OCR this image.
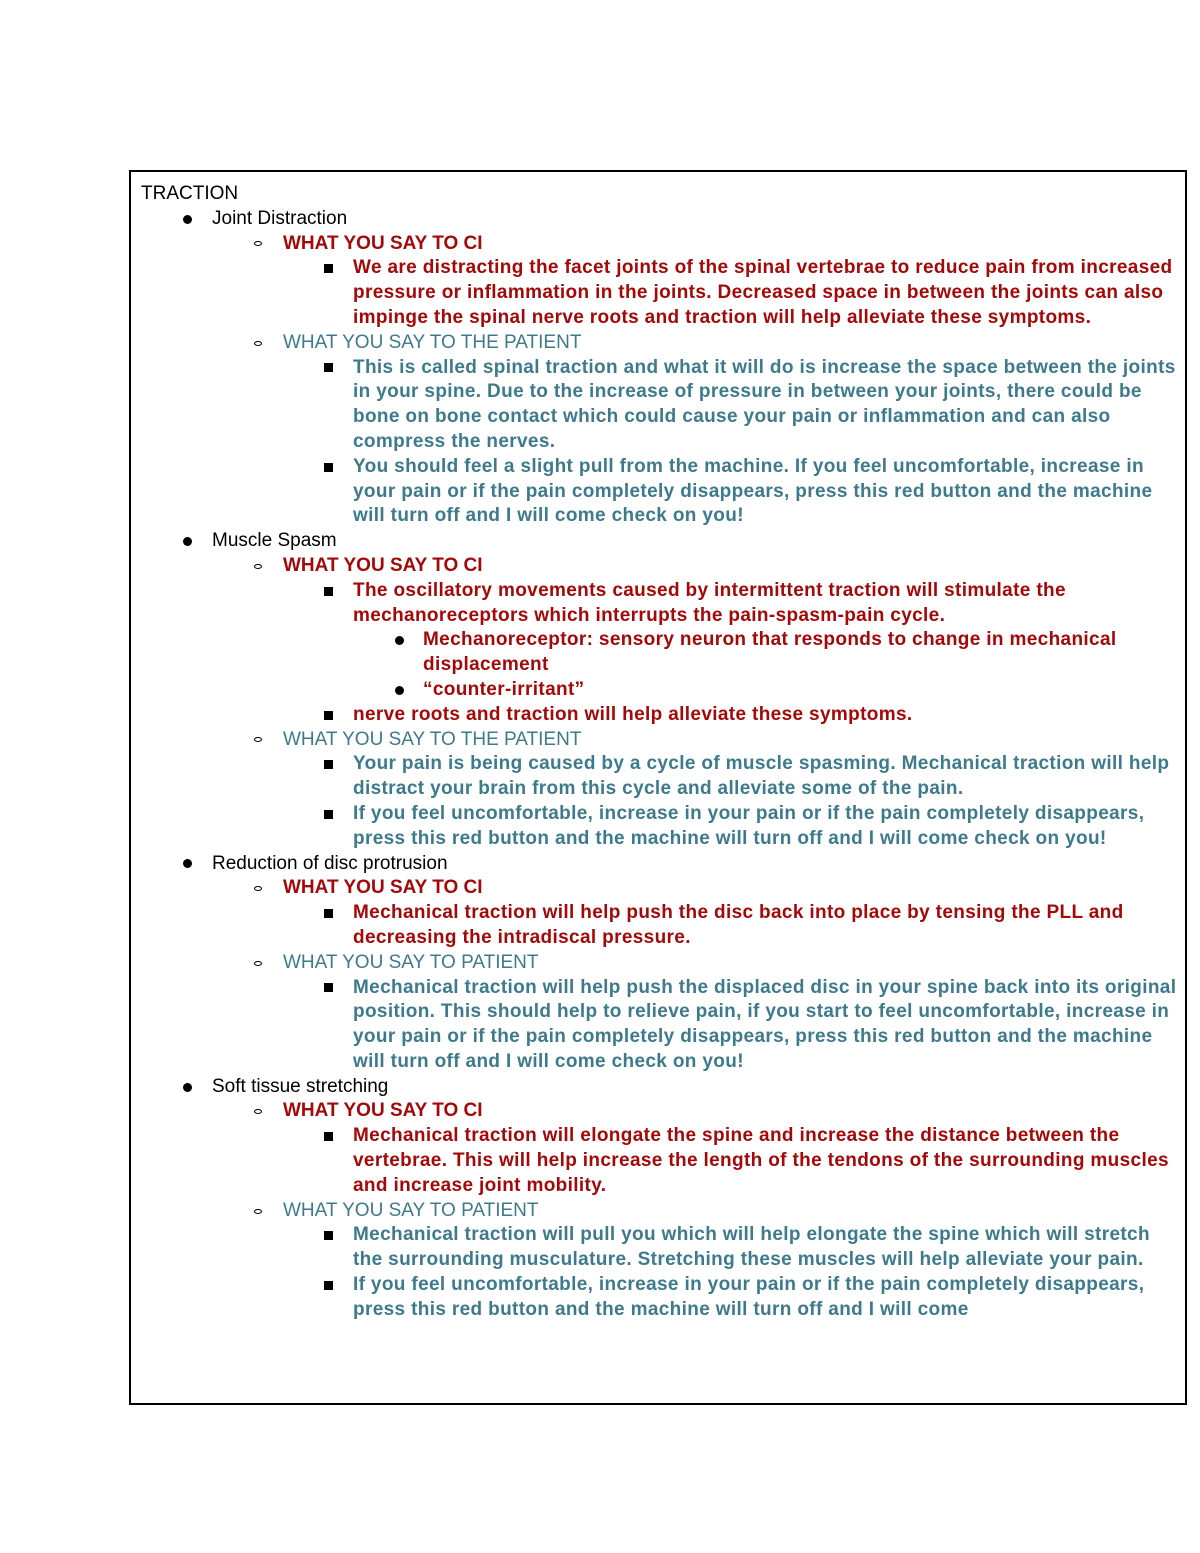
TRACTION
Joint Distraction
WHAT YOU SAY TO CI
We are distracting the facet joints of the spinal vertebrae to reduce pain from increased pressure or inflammation in the joints. Decreased space in between the joints can also impinge the spinal nerve roots and traction will help alleviate these symptoms.
WHAT YOU SAY TO THE PATIENT
This is called spinal traction and what it will do is increase the space between the joints in your spine. Due to the increase of pressure in between your joints, there could be bone on bone contact which could cause your pain or inflammation and can also compress the nerves.
You should feel a slight pull from the machine. If you feel uncomfortable, increase in your pain or if the pain completely disappears, press this red button and the machine will turn off and I will come check on you!
Muscle Spasm
WHAT YOU SAY TO CI
The oscillatory movements caused by intermittent traction will stimulate the mechanoreceptors which interrupts the pain-spasm-pain cycle.
Mechanoreceptor: sensory neuron that responds to change in mechanical displacement
“counter-irritant”
nerve roots and traction will help alleviate these symptoms.
WHAT YOU SAY TO THE PATIENT
Your pain is being caused by a cycle of muscle spasming. Mechanical traction will help distract your brain from this cycle and alleviate some of the pain.
If you feel uncomfortable, increase in your pain or if the pain completely disappears, press this red button and the machine will turn off and I will come check on you!
Reduction of disc protrusion
WHAT YOU SAY TO CI
Mechanical traction will help push the disc back into place by tensing the PLL and decreasing the intradiscal pressure.
WHAT YOU SAY TO PATIENT
Mechanical traction will help push the displaced disc in your spine back into its original position. This should help to relieve pain, if you start to feel uncomfortable, increase in your pain or if the pain completely disappears, press this red button and the machine will turn off and I will come check on you!
Soft tissue stretching
WHAT YOU SAY TO CI
Mechanical traction will elongate the spine and increase the distance between the vertebrae. This will help increase the length of the tendons of the surrounding muscles and increase joint mobility.
WHAT YOU SAY TO PATIENT
Mechanical traction will pull you which will help elongate the spine which will stretch the surrounding musculature. Stretching these muscles will help alleviate your pain.
If you feel uncomfortable, increase in your pain or if the pain completely disappears, press this red button and the machine will turn off and I will come
